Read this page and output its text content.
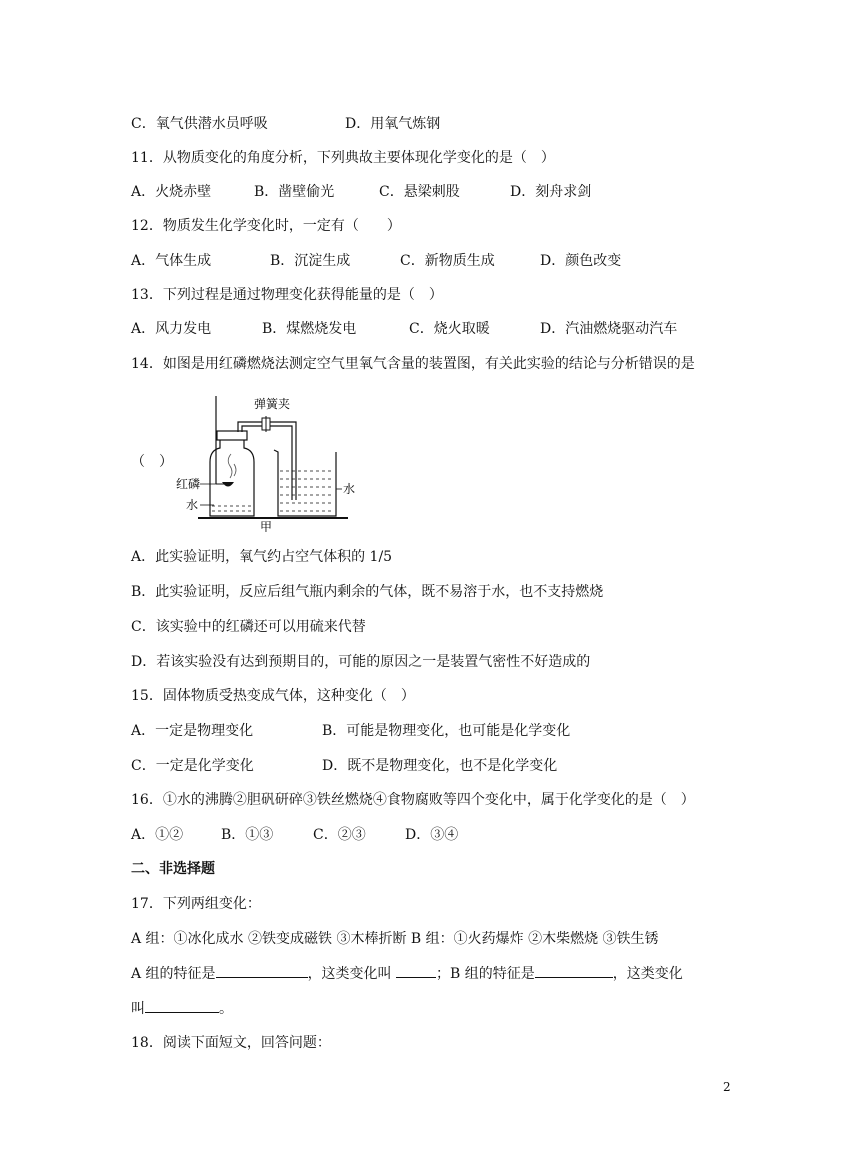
C．氧气供潜水员呼吸	D．用氧气炼钢
11．从物质变化的角度分析，下列典故主要体现化学变化的是（　）
A．火烧赤壁	B．凿壁偷光	C．悬梁刺股	D．刻舟求剑
12．物质发生化学变化时，一定有（　　）
A．气体生成	B．沉淀生成	C．新物质生成	D．颜色改变
13．下列过程是通过物理变化获得能量的是（　）
A．风力发电	B．煤燃烧发电	C．烧火取暖	D．汽油燃烧驱动汽车
14．如图是用红磷燃烧法测定空气里氧气含量的装置图，有关此实验的结论与分析错误的是
（　）
弹簧夹
红磷
水
水
甲
A．此实验证明，氧气约占空气体积的 1/5
B．此实验证明，反应后组气瓶内剩余的气体，既不易溶于水，也不支持燃烧
C．该实验中的红磷还可以用硫来代替
D．若该实验没有达到预期目的，可能的原因之一是装置气密性不好造成的
15．固体物质受热变成气体，这种变化（　）
A．一定是物理变化	B．可能是物理变化，也可能是化学变化
C．一定是化学变化	D．既不是物理变化，也不是化学变化
16．①水的沸腾②胆矾研碎③铁丝燃烧④食物腐败等四个变化中，属于化学变化的是（　）
A．①②	B．①③	C．②③	D．③④
二、非选择题
17．下列两组变化：
A 组：①冰化成水 ②铁变成磁铁 ③木棒折断 B 组：①火药爆炸 ②木柴燃烧 ③铁生锈
A 组的特征是	，这类变化叫	；B 组的特征是	，这类变化
叫	。
18．阅读下面短文，回答问题：
2
